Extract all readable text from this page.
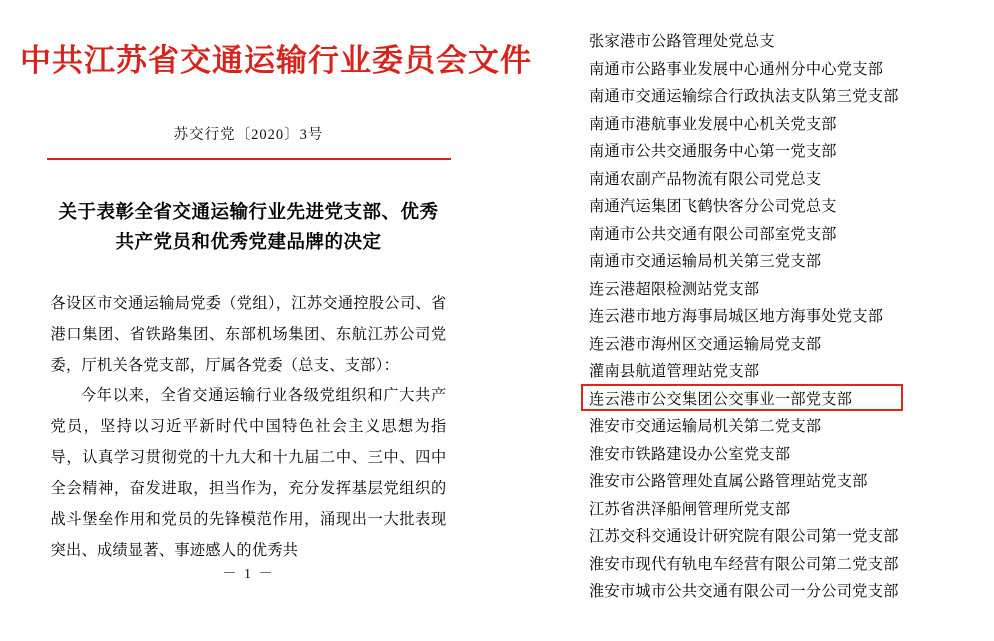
中共江苏省交通运输行业委员会文件
苏交行党〔2020〕3号
关于表彰全省交通运输行业先进党支部、优秀
共产党员和优秀党建品牌的决定

各设区市交通运输局党委（党组），江苏交通控股公司、省港口集团、省铁路集团、东部机场集团、东航江苏公司党委，厅机关各党支部，厅属各党委（总支、支部）：

今年以来，全省交通运输行业各级党组织和广大共产党员，坚持以习近平新时代中国特色社会主义思想为指导，认真学习贯彻党的十九大和十九届二中、三中、四中全会精神，奋发进取，担当作为，充分发挥基层党组织的战斗堡垒作用和党员的先锋模范作用，涌现出一大批表现突出、成绩显著、事迹感人的优秀共

－ 1 －
张家港市公路管理处党总支
南通市公路事业发展中心通州分中心党支部
南通市交通运输综合行政执法支队第三党支部
南通市港航事业发展中心机关党支部
南通市公共交通服务中心第一党支部
南通农副产品物流有限公司党总支
南通汽运集团飞鹤快客分公司党总支
南通市公共交通有限公司部室党支部
南通市交通运输局机关第三党支部
连云港超限检测站党支部
连云港市地方海事局城区地方海事处党支部
连云港市海州区交通运输局党支部
灌南县航道管理站党支部
连云港市公交集团公交事业一部党支部
淮安市交通运输局机关第二党支部
淮安市铁路建设办公室党支部
淮安市公路管理处直属公路管理站党支部
江苏省洪泽船闸管理所党支部
江苏交科交通设计研究院有限公司第一党支部
淮安市现代有轨电车经营有限公司第二党支部
淮安市城市公共交通有限公司一分公司党支部
